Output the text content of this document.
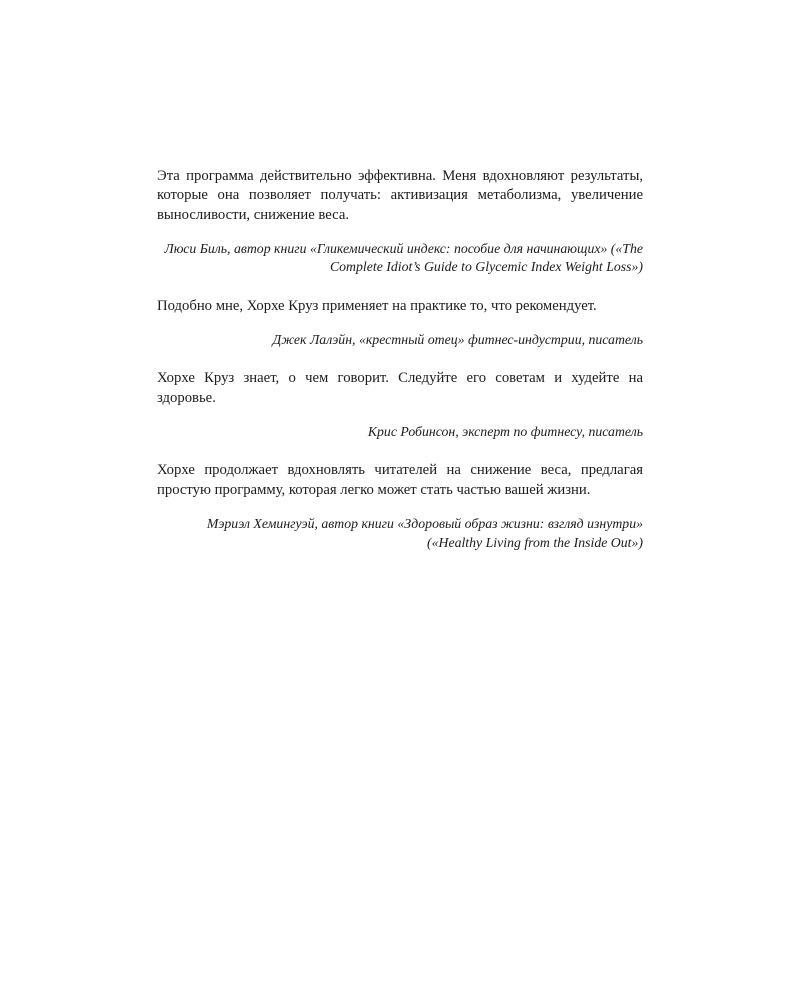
Эта программа действительно эффективна. Меня вдохновляют результаты, которые она позволяет получать: активизация метаболизма, увеличение выносливости, снижение веса.

Люси Биль, автор книги «Гликемический индекс: пособие для начинающих» («The Complete Idiot’s Guide to Glycemic Index Weight Loss»)

Подобно мне, Хорхе Круз применяет на практике то, что рекомендует.

Джек Лалэйн, «крестный отец» фитнес-индустрии, писатель

Хорхе Круз знает, о чем говорит. Следуйте его советам и худейте на здоровье.

Крис Робинсон, эксперт по фитнесу, писатель

Хорхе продолжает вдохновлять читателей на снижение веса, предлагая простую программу, которая легко может стать частью вашей жизни.

Мэриэл Хемингуэй, автор книги «Здоровый образ жизни: взгляд изнутри» («Healthy Living from the Inside Out»)
